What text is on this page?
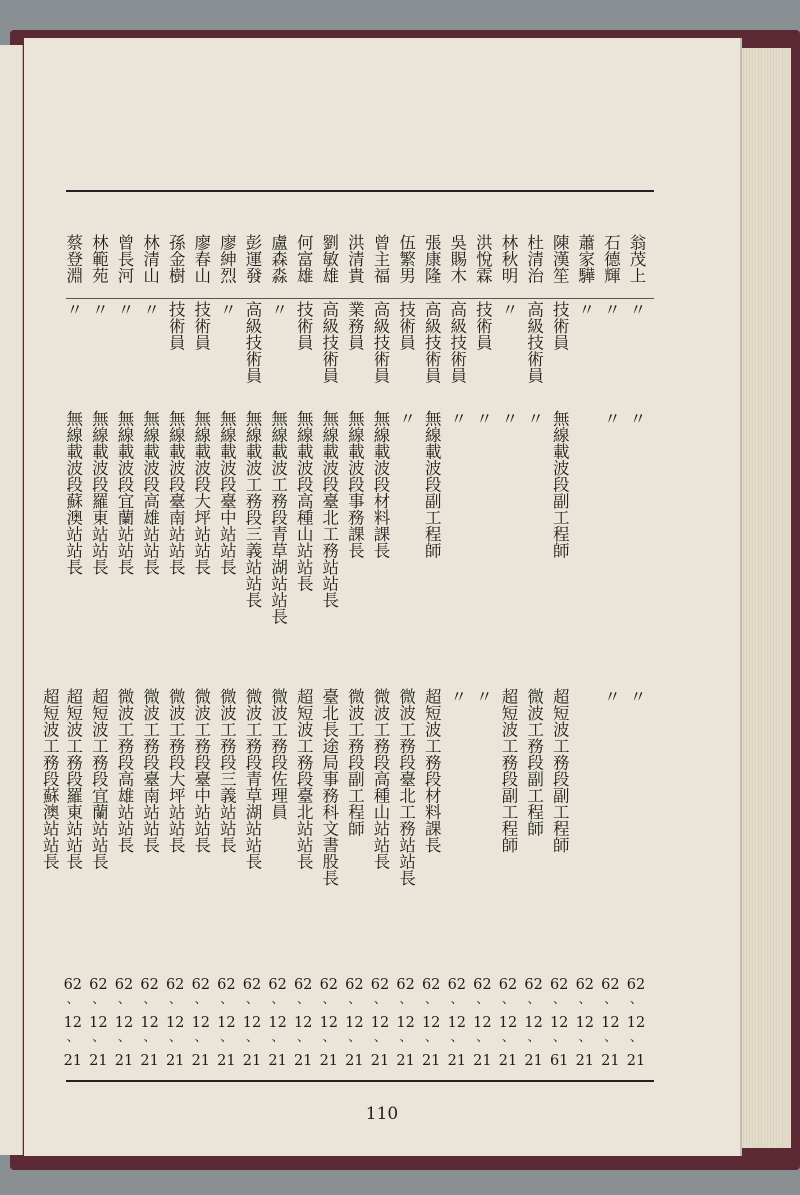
翁茂上
〃
〃
〃
62
、
12
、
21
石德輝
〃
〃
〃
62
、
12
、
21
蕭家驊
〃
62
、
12
、
21
陳漢笙
技術員
無線載波段副工程師
超短波工務段副工程師
62
、
12
、
61
杜清治
高級技術員
〃
微波工務段副工程師
62
、
12
、
21
林秋明
〃
〃
超短波工務段副工程師
62
、
12
、
21
洪悅霖
技術員
〃
〃
62
、
12
、
21
吳賜木
高級技術員
〃
〃
62
、
12
、
21
張康隆
高級技術員
無線載波段副工程師
超短波工務段材料課長
62
、
12
、
21
伍繁男
技術員
〃
微波工務段臺北工務站站長
62
、
12
、
21
曾主福
高級技術員
無線載波段材料課長
微波工務段高種山站站長
62
、
12
、
21
洪清貴
業務員
無線載波段事務課長
微波工務段副工程師
62
、
12
、
21
劉敏雄
高級技術員
無線載波段臺北工務站站長
臺北長途局事務科文書股長
62
、
12
、
21
何富雄
技術員
無線載波段高種山站站長
超短波工務段臺北站站長
62
、
12
、
21
盧森淼
〃
無線載波工務段青草湖站站長
微波工務段佐理員
62
、
12
、
21
彭運發
高級技術員
無線載波工務段三義站站長
微波工務段青草湖站站長
62
、
12
、
21
廖紳烈
〃
無線載波段臺中站站長
微波工務段三義站站長
62
、
12
、
21
廖春山
技術員
無線載波段大坪站站長
微波工務段臺中站站長
62
、
12
、
21
孫金樹
技術員
無線載波段臺南站站長
微波工務段大坪站站長
62
、
12
、
21
林清山
〃
無線載波段高雄站站長
微波工務段臺南站站長
62
、
12
、
21
曾長河
〃
無線載波段宜蘭站站長
微波工務段高雄站站長
62
、
12
、
21
林範苑
〃
無線載波段羅東站站長
超短波工務段宜蘭站站長
62
、
12
、
21
蔡登淵
〃
無線載波段蘇澳站站長
超短波工務段羅東站站長
62
、
12
、
21
超短波工務段蘇澳站站長
110
